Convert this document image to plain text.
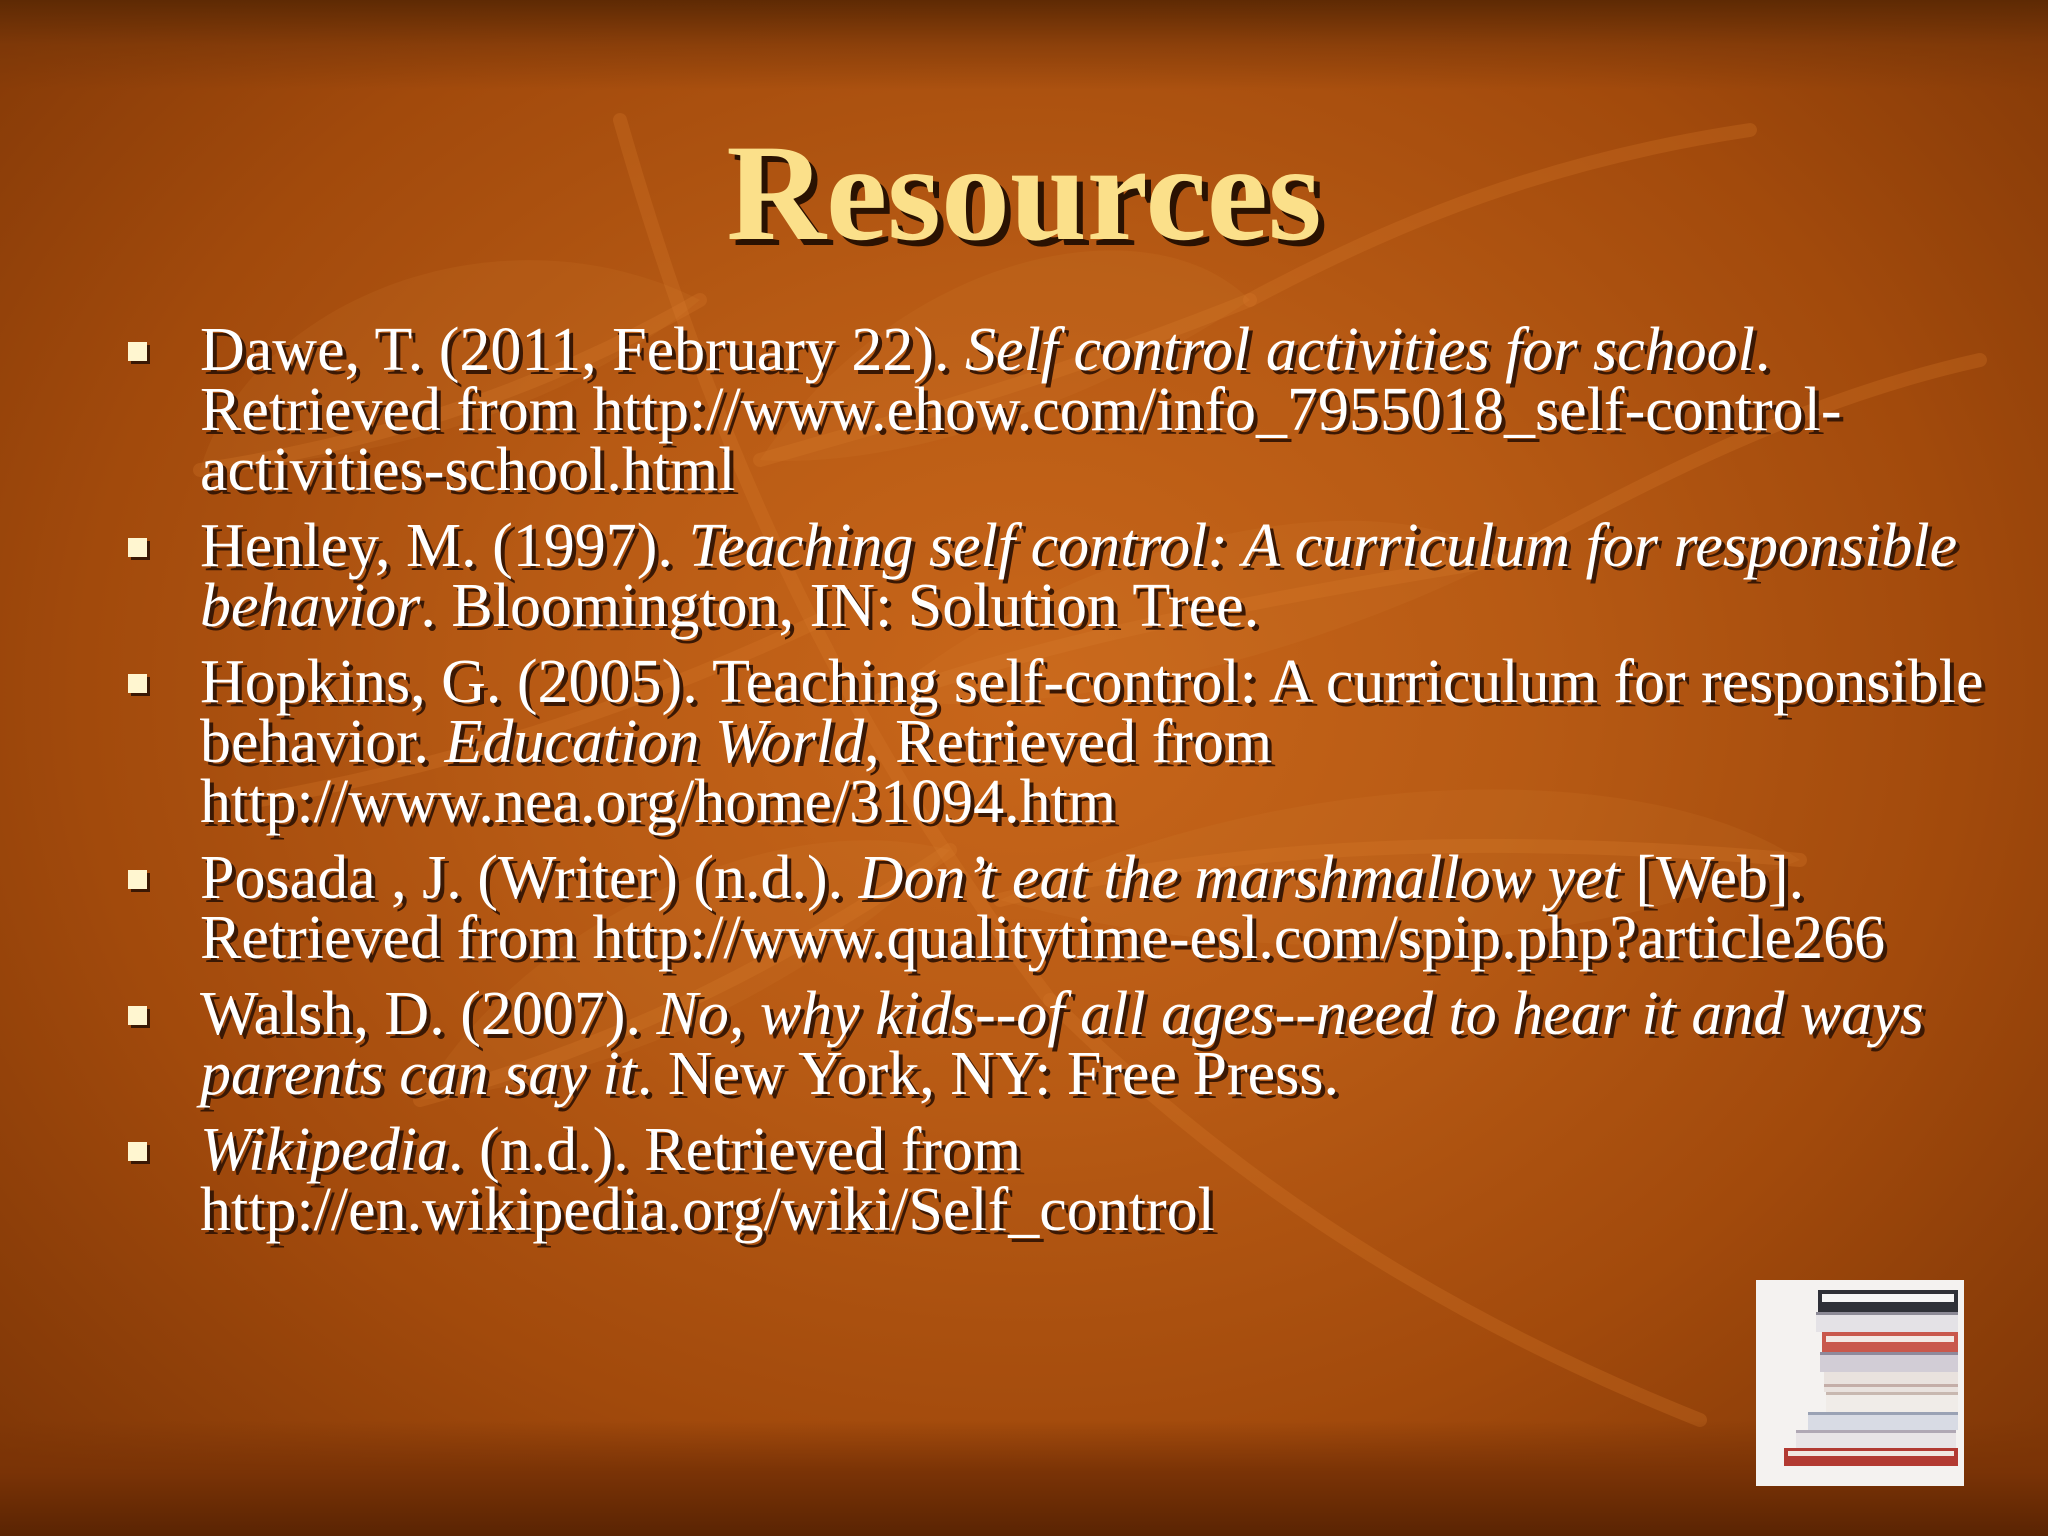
Resources
Dawe, T. (2011, February 22). Self control activities for school. Retrieved from http://www.ehow.com/info_7955018_self-control-activities-school.html
Henley, M. (1997). Teaching self control: A curriculum for responsible behavior. Bloomington, IN: Solution Tree.
Hopkins, G. (2005). Teaching self-control: A curriculum for responsible behavior. Education World, Retrieved from http://www.nea.org/home/31094.htm
Posada , J. (Writer) (n.d.). Don’t eat the marshmallow yet [Web]. Retrieved from http://www.qualitytime-esl.com/spip.php?article266
Walsh, D. (2007). No, why kids--of all ages--need to hear it and ways parents can say it. New York, NY: Free Press.
Wikipedia. (n.d.). Retrieved from http://en.wikipedia.org/wiki/Self_control
